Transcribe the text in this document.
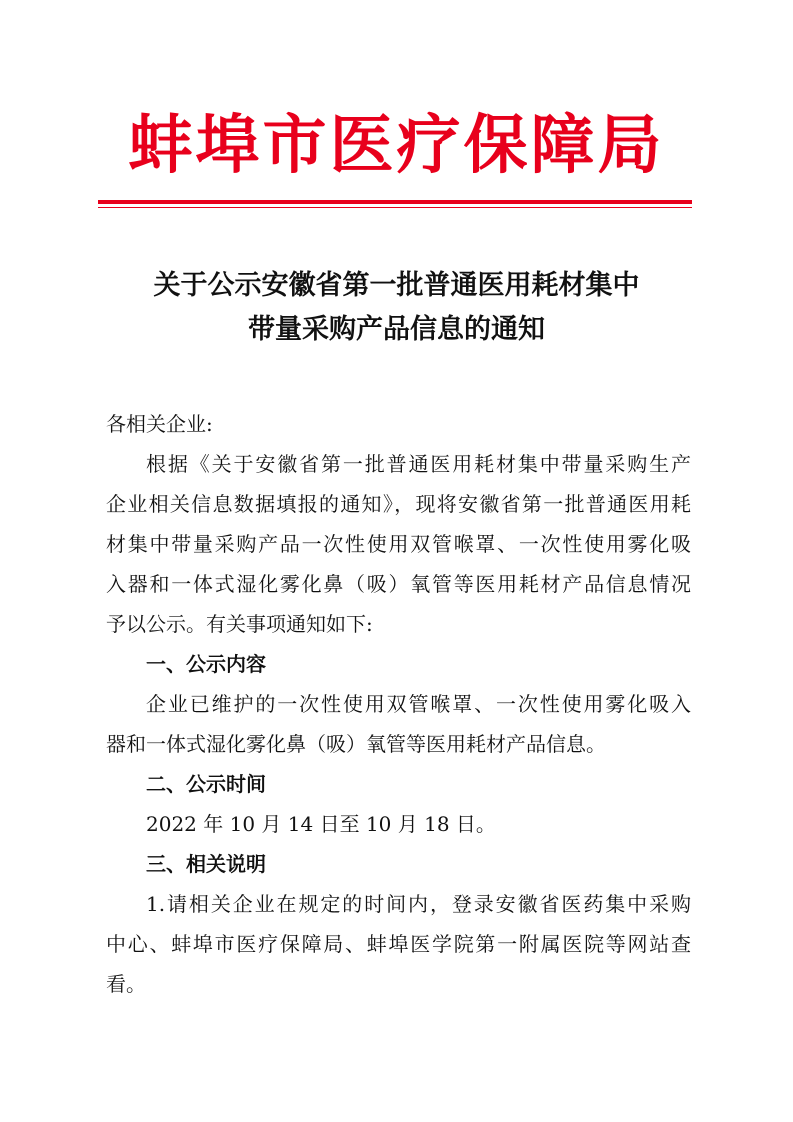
蚌埠市医疗保障局
关于公示安徽省第一批普通医用耗材集中
带量采购产品信息的通知
各相关企业:
根据《关于安徽省第一批普通医用耗材集中带量采购生产
企业相关信息数据填报的通知》，现将安徽省第一批普通医用耗
材集中带量采购产品一次性使用双管喉罩、一次性使用雾化吸
入器和一体式湿化雾化鼻（吸）氧管等医用耗材产品信息情况
予以公示。有关事项通知如下:
一、公示内容
企业已维护的一次性使用双管喉罩、一次性使用雾化吸入
器和一体式湿化雾化鼻（吸）氧管等医用耗材产品信息。
二、公示时间
2022 年 10 月 14 日至 10 月 18 日。
三、相关说明
1.请相关企业在规定的时间内，登录安徽省医药集中采购
中心、蚌埠市医疗保障局、蚌埠医学院第一附属医院等网站查
看。
